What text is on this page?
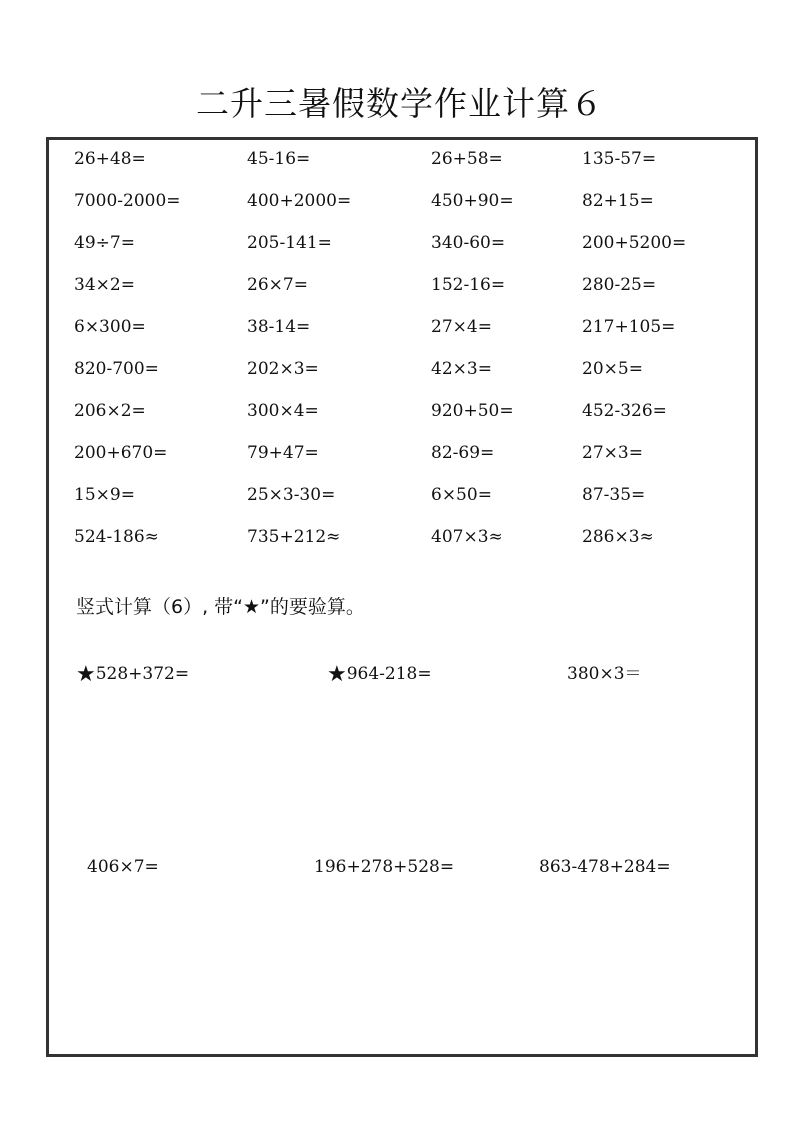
二升三暑假数学作业计算６
26+48=	45-16=	26+58=	135-57=
7000-2000=	400+2000=	450+90=	82+15=
49÷7=	205-141=	340-60=	200+5200=
34×2=	26×7=	152-16=	280-25=
6×300=	38-14=	27×4=	217+105=
820-700=	202×3=	42×3=	20×5=
206×2=	300×4=	920+50=	452-326=
200+670=	79+47=	82-69=	27×3=
15×9=	25×3-30=	6×50=	87-35=
524-186≈	735+212≈	407×3≈	286×3≈
竖式计算（6）, 带“★”的要验算。
★528+372=	★964-218=	380×3＝
406×7=	196+278+528=	863-478+284=
